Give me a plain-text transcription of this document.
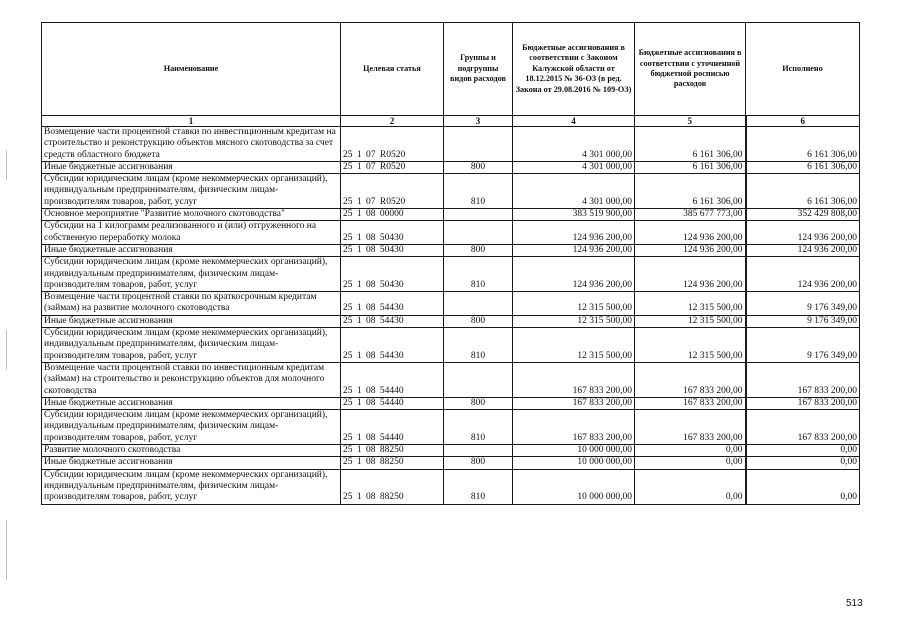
Наименование	Целевая статья	Группы и подгруппы видов расходов	Бюджетные ассигнования в соответствии с Законом Калужской области от 18.12.2015 № 36-ОЗ (в ред. Закона от 29.08.2016 № 109-ОЗ)	Бюджетные ассигнования в соответствии с уточненной бюджетной росписью расходов	Исполнено
1	2	3	4	5	6
Возмещение части процентной ставки по инвестиционным кредитам на строительство и реконструкцию объектов мясного скотоводства за счет средств областного бюджета	25 1 07 R0520		4 301 000,00	6 161 306,00	6 161 306,00
Иные бюджетные ассигнования	25 1 07 R0520	800	4 301 000,00	6 161 306,00	6 161 306,00
Субсидии юридическим лицам (кроме некоммерческих организаций), индивидуальным предпринимателям, физическим лицам-производителям товаров, работ, услуг	25 1 07 R0520	810	4 301 000,00	6 161 306,00	6 161 306,00
Основное мероприятие "Развитие молочного скотоводства"	25 1 08 00000		383 519 900,00	385 677 773,00	352 429 808,00
Субсидии на 1 килограмм реализованного и (или) отгруженного на собственную переработку молока	25 1 08 50430		124 936 200,00	124 936 200,00	124 936 200,00
Иные бюджетные ассигнования	25 1 08 50430	800	124 936 200,00	124 936 200,00	124 936 200,00
Субсидии юридическим лицам (кроме некоммерческих организаций), индивидуальным предпринимателям, физическим лицам-производителям товаров, работ, услуг	25 1 08 50430	810	124 936 200,00	124 936 200,00	124 936 200,00
Возмещение части процентной ставки по краткосрочным кредитам (займам) на развитие молочного скотоводства	25 1 08 54430		12 315 500,00	12 315 500,00	9 176 349,00
Иные бюджетные ассигнования	25 1 08 54430	800	12 315 500,00	12 315 500,00	9 176 349,00
Субсидии юридическим лицам (кроме некоммерческих организаций), индивидуальным предпринимателям, физическим лицам-производителям товаров, работ, услуг	25 1 08 54430	810	12 315 500,00	12 315 500,00	9 176 349,00
Возмещение части процентной ставки по инвестиционным кредитам (займам) на строительство и реконструкцию объектов для молочного скотоводства	25 1 08 54440		167 833 200,00	167 833 200,00	167 833 200,00
Иные бюджетные ассигнования	25 1 08 54440	800	167 833 200,00	167 833 200,00	167 833 200,00
Субсидии юридическим лицам (кроме некоммерческих организаций), индивидуальным предпринимателям, физическим лицам-производителям товаров, работ, услуг	25 1 08 54440	810	167 833 200,00	167 833 200,00	167 833 200,00
Развитие молочного скотоводства	25 1 08 88250		10 000 000,00	0,00	0,00
Иные бюджетные ассигнования	25 1 08 88250	800	10 000 000,00	0,00	0,00
Субсидии юридическим лицам (кроме некоммерческих организаций), индивидуальным предпринимателям, физическим лицам-производителям товаров, работ, услуг	25 1 08 88250	810	10 000 000,00	0,00	0,00
513
